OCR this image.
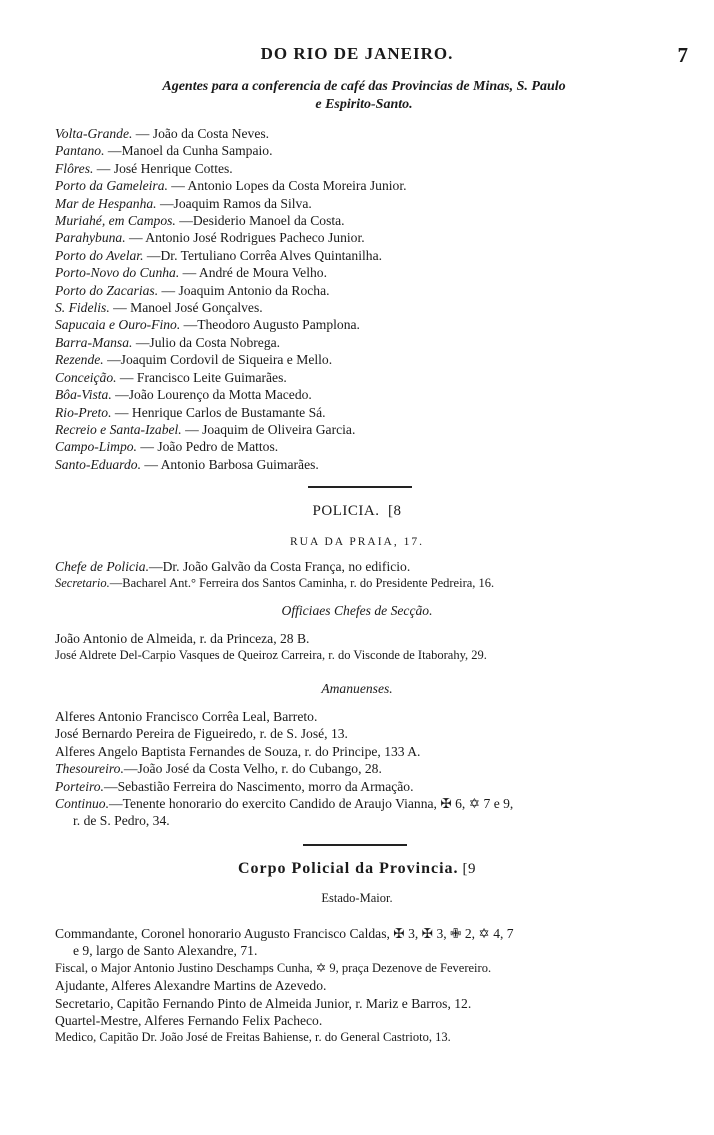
DO RIO DE JANEIRO.	7
Agentes para a conferencia de café das Provincias de Minas, S. Paulo
e Espirito-Santo.
Volta-Grande. — João da Costa Neves.
Pantano. —Manoel da Cunha Sampaio.
Flôres. — José Henrique Cottes.
Porto da Gameleira. — Antonio Lopes da Costa Moreira Junior.
Mar de Hespanha. —Joaquim Ramos da Silva.
Muriahé, em Campos. —Desiderio Manoel da Costa.
Parahybuna. — Antonio José Rodrigues Pacheco Junior.
Porto do Avelar. —Dr. Tertuliano Corrêa Alves Quintanilha.
Porto-Novo do Cunha. — André de Moura Velho.
Porto do Zacarias. — Joaquim Antonio da Rocha.
S. Fidelis. — Manoel José Gonçalves.
Sapucaia e Ouro-Fino. —Theodoro Augusto Pamplona.
Barra-Mansa. —Julio da Costa Nobrega.
Rezende. —Joaquim Cordovil de Siqueira e Mello.
Conceição. — Francisco Leite Guimarães.
Bôa-Vista. —João Lourenço da Motta Macedo.
Rio-Preto. — Henrique Carlos de Bustamante Sá.
Recreio e Santa-Izabel. — Joaquim de Oliveira Garcia.
Campo-Limpo. — João Pedro de Mattos.
Santo-Eduardo. — Antonio Barbosa Guimarães.
POLICIA. [8
RUA DA PRAIA, 17.
Chefe de Policia.—Dr. João Galvão da Costa França, no edificio.
Secretario.—Bacharel Ant.° Ferreira dos Santos Caminha, r. do Presidente Pedreira, 16.
Officiaes Chefes de Secção.
João Antonio de Almeida, r. da Princeza, 28 B.
José Aldrete Del-Carpio Vasques de Queiroz Carreira, r. do Visconde de Itaborahy, 29.
Amanuenses.
Alferes Antonio Francisco Corrêa Leal, Barreto.
José Bernardo Pereira de Figueiredo, r. de S. José, 13.
Alferes Angelo Baptista Fernandes de Souza, r. do Principe, 133 A.
Thesoureiro.—João José da Costa Velho, r. do Cubango, 28.
Porteiro.—Sebastião Ferreira do Nascimento, morro da Armação.
Continuo.—Tenente honorario do exercito Candido de Araujo Vianna, ✠ 6, ✡ 7 e 9,
r. de S. Pedro, 34.
Corpo Policial da Provincia. [9
Estado-Maior.
Commandante, Coronel honorario Augusto Francisco Caldas, ✠ 3, ✠ 3, ✙ 2, ✡ 4, 7
e 9, largo de Santo Alexandre, 71.
Fiscal, o Major Antonio Justino Deschamps Cunha, ✡ 9, praça Dezenove de Fevereiro.
Ajudante, Alferes Alexandre Martins de Azevedo.
Secretario, Capitão Fernando Pinto de Almeida Junior, r. Mariz e Barros, 12.
Quartel-Mestre, Alferes Fernando Felix Pacheco.
Medico, Capitão Dr. João José de Freitas Bahiense, r. do General Castrioto, 13.
